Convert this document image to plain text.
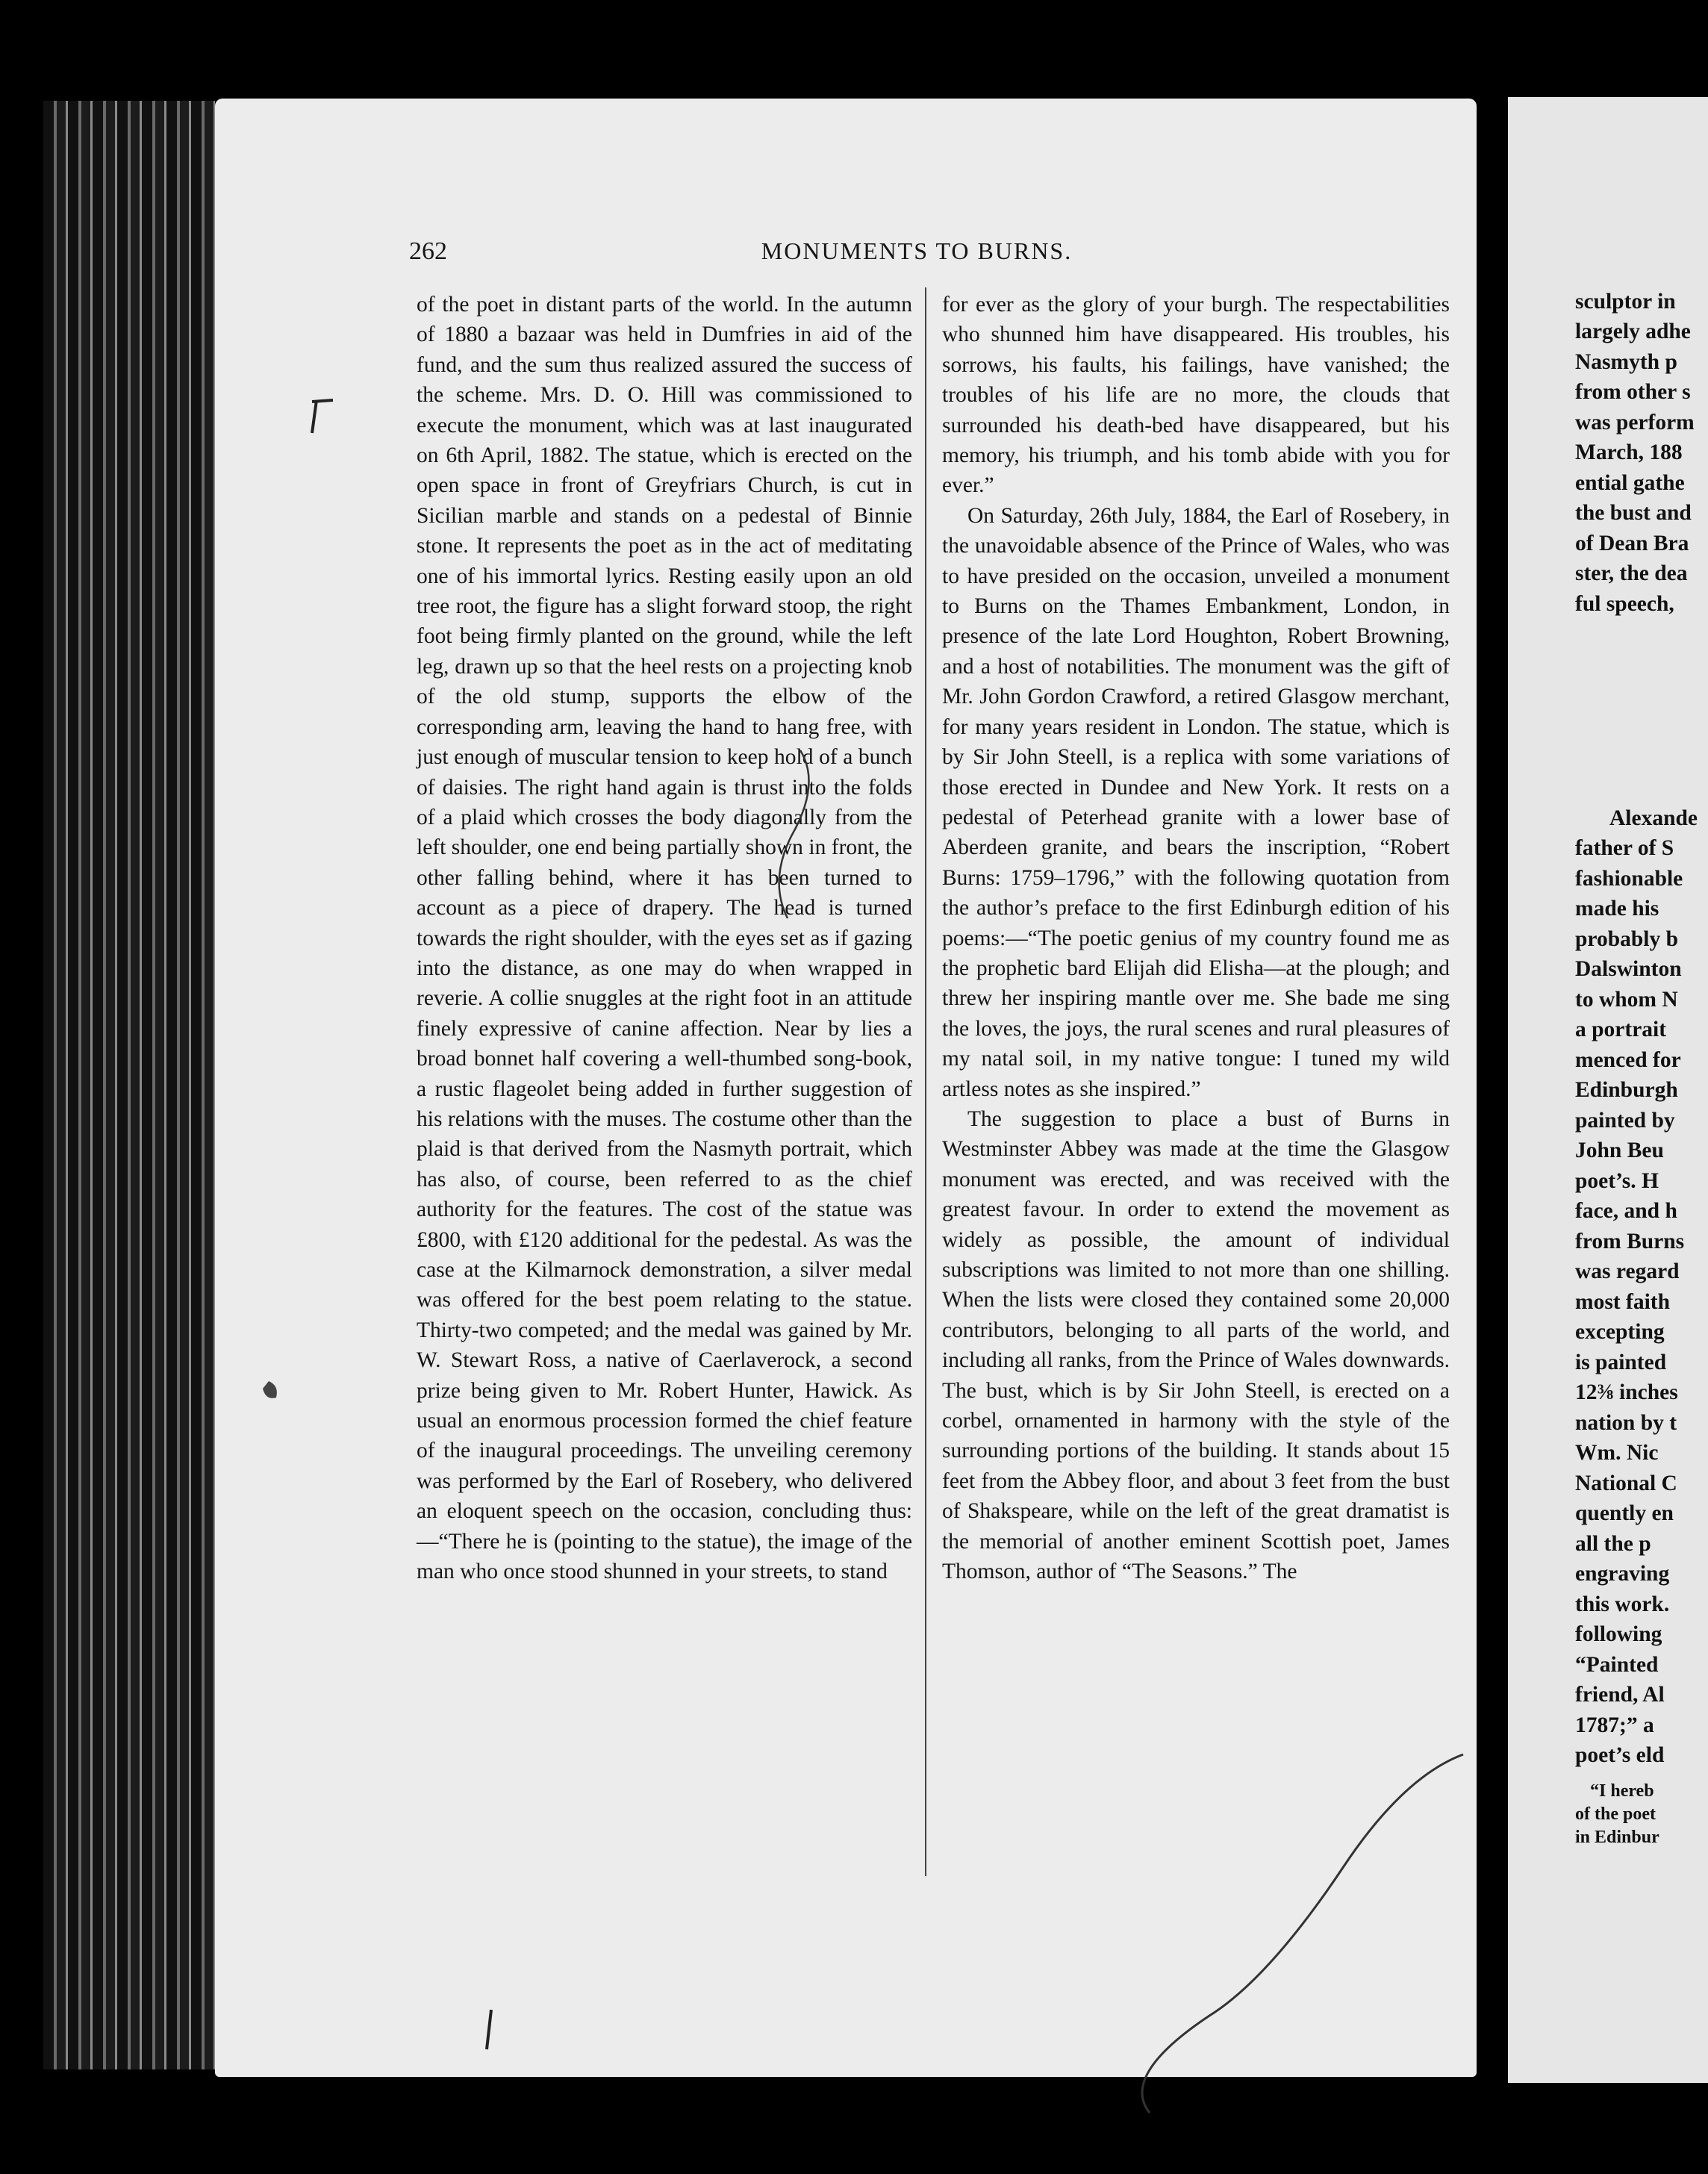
262	MONUMENTS TO BURNS.

of the poet in distant parts of the world. In the autumn of 1880 a bazaar was held in Dumfries in aid of the fund, and the sum thus realized assured the success of the scheme. Mrs. D. O. Hill was commissioned to execute the monument, which was at last inaugurated on 6th April, 1882. The statue, which is erected on the open space in front of Greyfriars Church, is cut in Sicilian marble and stands on a pedestal of Binnie stone. It represents the poet as in the act of meditating one of his immortal lyrics. Resting easily upon an old tree root, the figure has a slight forward stoop, the right foot being firmly planted on the ground, while the left leg, drawn up so that the heel rests on a projecting knob of the old stump, supports the elbow of the corresponding arm, leaving the hand to hang free, with just enough of muscular tension to keep hold of a bunch of daisies. The right hand again is thrust into the folds of a plaid which crosses the body diagonally from the left shoulder, one end being partially shown in front, the other falling behind, where it has been turned to account as a piece of drapery. The head is turned towards the right shoulder, with the eyes set as if gazing into the distance, as one may do when wrapped in reverie. A collie snuggles at the right foot in an attitude finely expressive of canine affection. Near by lies a broad bonnet half covering a well-thumbed song-book, a rustic flageolet being added in further suggestion of his relations with the muses. The costume other than the plaid is that derived from the Nasmyth portrait, which has also, of course, been referred to as the chief authority for the features. The cost of the statue was £800, with £120 additional for the pedestal. As was the case at the Kilmarnock demonstration, a silver medal was offered for the best poem relating to the statue. Thirty-two competed; and the medal was gained by Mr. W. Stewart Ross, a native of Caerlaverock, a second prize being given to Mr. Robert Hunter, Hawick. As usual an enormous procession formed the chief feature of the inaugural proceedings. The unveiling ceremony was performed by the Earl of Rosebery, who delivered an eloquent speech on the occasion, concluding thus:—“There he is (pointing to the statue), the image of the man who once stood shunned in your streets, to stand

for ever as the glory of your burgh. The respectabilities who shunned him have disappeared. His troubles, his sorrows, his faults, his failings, have vanished; the troubles of his life are no more, the clouds that surrounded his death-bed have disappeared, but his memory, his triumph, and his tomb abide with you for ever.”

On Saturday, 26th July, 1884, the Earl of Rosebery, in the unavoidable absence of the Prince of Wales, who was to have presided on the occasion, unveiled a monument to Burns on the Thames Embankment, London, in presence of the late Lord Houghton, Robert Browning, and a host of notabilities. The monument was the gift of Mr. John Gordon Crawford, a retired Glasgow merchant, for many years resident in London. The statue, which is by Sir John Steell, is a replica with some variations of those erected in Dundee and New York. It rests on a pedestal of Peterhead granite with a lower base of Aberdeen granite, and bears the inscription, “Robert Burns: 1759–1796,” with the following quotation from the author’s preface to the first Edinburgh edition of his poems:—“The poetic genius of my country found me as the prophetic bard Elijah did Elisha—at the plough; and threw her inspiring mantle over me. She bade me sing the loves, the joys, the rural scenes and rural pleasures of my natal soil, in my native tongue: I tuned my wild artless notes as she inspired.”

The suggestion to place a bust of Burns in Westminster Abbey was made at the time the Glasgow monument was erected, and was received with the greatest favour. In order to extend the movement as widely as possible, the amount of individual subscriptions was limited to not more than one shilling. When the lists were closed they contained some 20,000 contributors, belonging to all parts of the world, and including all ranks, from the Prince of Wales downwards. The bust, which is by Sir John Steell, is erected on a corbel, ornamented in harmony with the style of the surrounding portions of the building. It stands about 15 feet from the Abbey floor, and about 3 feet from the bust of Shakspeare, while on the left of the great dramatist is the memorial of another eminent Scottish poet, James Thomson, author of “The Seasons.” The

sculptor in
largely adhe
Nasmyth p
from other s
was perform
March, 188
ential gathe
the bust and
of Dean Bra
ster, the dea
ful speech,
Alexande
father of S
fashionable
made his
probably b
Dalswinton
to whom N
a portrait
menced for
Edinburgh
painted by
John Beu
poet’s. H
face, and h
from Burns
was regard
most faith
excepting
is painted
12⅜ inches
nation by t
Wm. Nic
National C
quently en
all the p
engraving
this work.
following
“Painted
friend, Al
1787;” a
poet’s eld
“I hereb
of the poet
in Edinbur
